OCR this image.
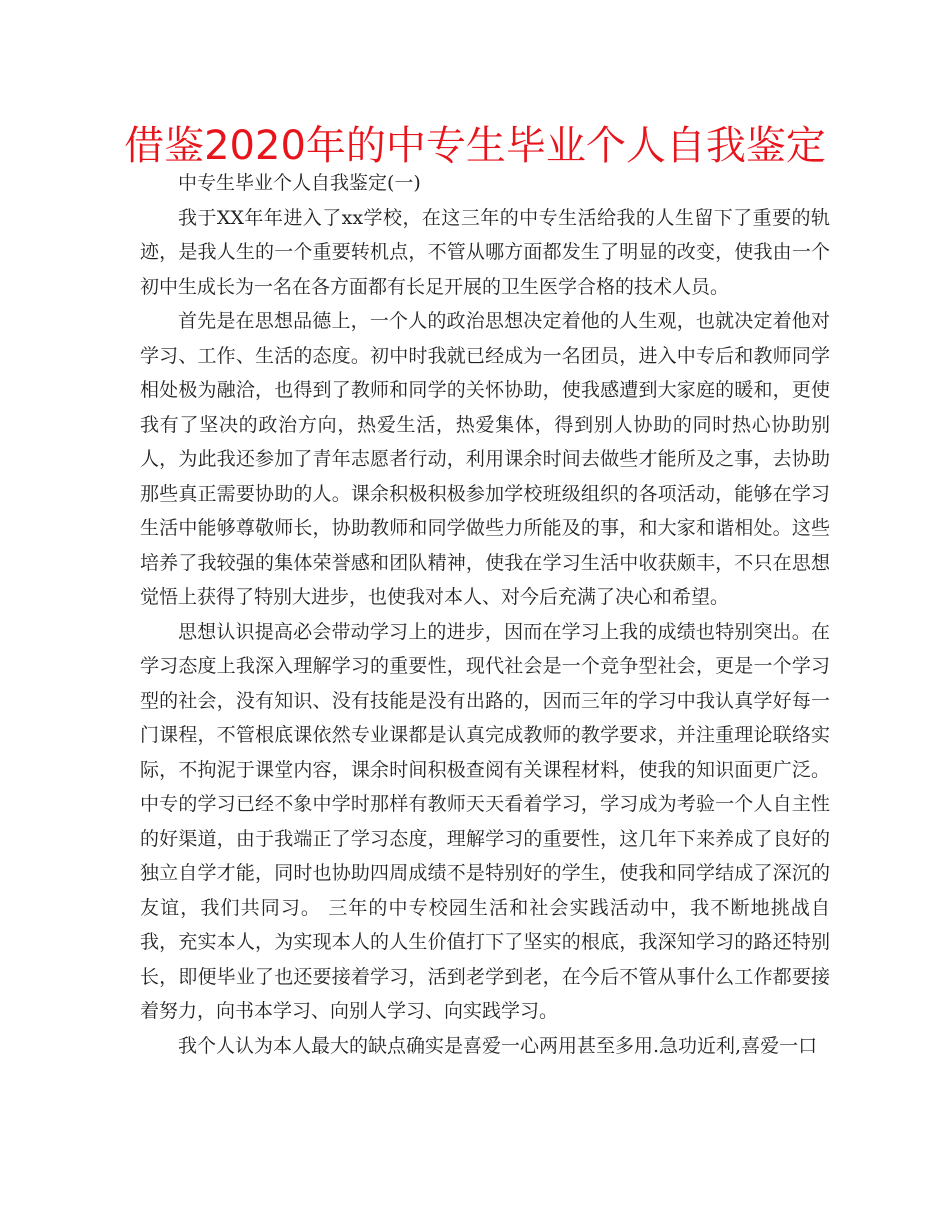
借鉴2020年的中专生毕业个人自我鉴定

中专生毕业个人自我鉴定(一)

我于XX年年进入了xx学校，在这三年的中专生活给我的人生留下了重要的轨迹，是我人生的一个重要转机点，不管从哪方面都发生了明显的改变，使我由一个初中生成长为一名在各方面都有长足开展的卫生医学合格的技术人员。

首先是在思想品德上，一个人的政治思想决定着他的人生观，也就决定着他对学习、工作、生活的态度。初中时我就已经成为一名团员，进入中专后和教师同学相处极为融洽，也得到了教师和同学的关怀协助，使我感遭到大家庭的暖和，更使我有了坚决的政治方向，热爱生活，热爱集体，得到别人协助的同时热心协助别人，为此我还参加了青年志愿者行动，利用课余时间去做些才能所及之事，去协助那些真正需要协助的人。课余积极积极参加学校班级组织的各项活动，能够在学习生活中能够尊敬师长，协助教师和同学做些力所能及的事，和大家和谐相处。这些培养了我较强的集体荣誉感和团队精神，使我在学习生活中收获颇丰，不只在思想觉悟上获得了特别大进步，也使我对本人、对今后充满了决心和希望。

思想认识提高必会带动学习上的进步，因而在学习上我的成绩也特别突出。在学习态度上我深入理解学习的重要性，现代社会是一个竞争型社会，更是一个学习型的社会，没有知识、没有技能是没有出路的，因而三年的学习中我认真学好每一门课程，不管根底课依然专业课都是认真完成教师的教学要求，并注重理论联络实际，不拘泥于课堂内容，课余时间积极查阅有关课程材料，使我的知识面更广泛。中专的学习已经不象中学时那样有教师天天看着学习，学习成为考验一个人自主性的好渠道，由于我端正了学习态度，理解学习的重要性，这几年下来养成了良好的独立自学才能，同时也协助四周成绩不是特别好的学生，使我和同学结成了深沉的友谊，我们共同习。 三年的中专校园生活和社会实践活动中，我不断地挑战自我，充实本人，为实现本人的人生价值打下了坚实的根底，我深知学习的路还特别长，即便毕业了也还要接着学习，活到老学到老，在今后不管从事什么工作都要接着努力，向书本学习、向别人学习、向实践学习。

我个人认为本人最大的缺点确实是喜爱一心两用甚至多用.急功近利,喜爱一口
